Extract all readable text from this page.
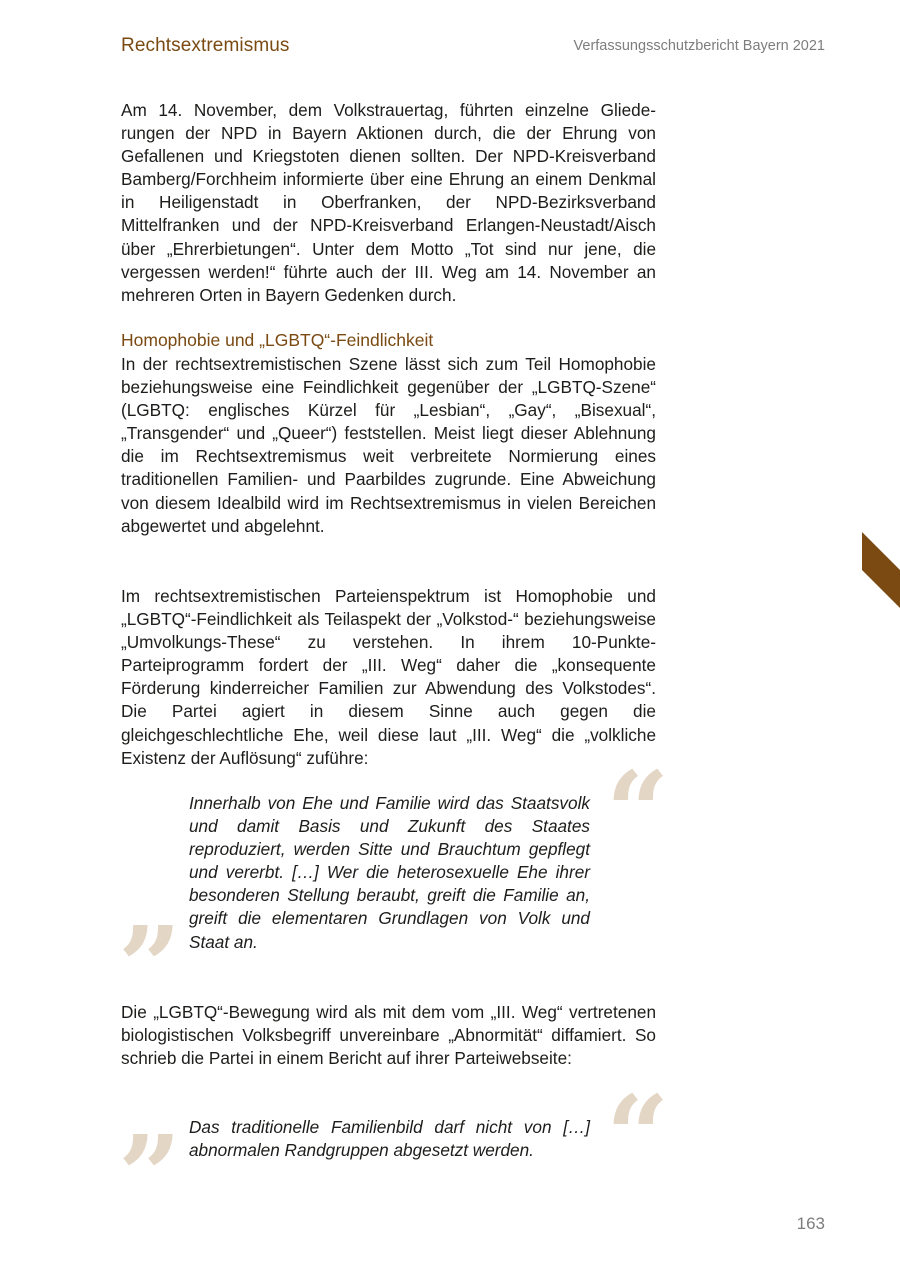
Rechtsextremismus	Verfassungsschutzbericht Bayern 2021

Am 14. November, dem Volkstrauertag, führten einzelne Gliederungen der NPD in Bayern Aktionen durch, die der Ehrung von Gefallenen und Kriegstoten dienen sollten. Der NPD-Kreisverband Bamberg/Forchheim informierte über eine Ehrung an einem Denkmal in Heiligenstadt in Oberfranken, der NPD-Bezirksverband Mittelfranken und der NPD-Kreisverband Erlangen-Neustadt/Aisch über „Ehrerbietungen“. Unter dem Motto „Tot sind nur jene, die vergessen werden!“ führte auch der III. Weg am 14. November an mehreren Orten in Bayern Gedenken durch.

Homophobie und „LGBTQ“-Feindlichkeit

In der rechtsextremistischen Szene lässt sich zum Teil Homophobie beziehungsweise eine Feindlichkeit gegenüber der „LGBTQ-Szene“ (LGBTQ: englisches Kürzel für „Lesbian“, „Gay“, „Bisexual“, „Transgender“ und „Queer“) feststellen. Meist liegt dieser Ablehnung die im Rechtsextremismus weit verbreitete Normierung eines traditionellen Familien- und Paarbildes zugrunde. Eine Abweichung von diesem Idealbild wird im Rechtsextremismus in vielen Bereichen abgewertet und abgelehnt.

Im rechtsextremistischen Parteienspektrum ist Homophobie und „LGBTQ“-Feindlichkeit als Teilaspekt der „Volkstod-“ beziehungsweise „Umvolkungs-These“ zu verstehen. In ihrem 10-Punkte-Parteiprogramm fordert der „III. Weg“ daher die „konsequente Förderung kinderreicher Familien zur Abwendung des Volkstodes“. Die Partei agiert in diesem Sinne auch gegen die gleichgeschlechtliche Ehe, weil diese laut „III. Weg“ die „volkliche Existenz der Auflösung“ zuführe:	“
Innerhalb von Ehe und Familie wird das Staatsvolk und damit Basis und Zukunft des Staates reproduziert, werden Sitte und Brauchtum gepflegt und vererbt. […] Wer die heterosexuelle Ehe ihrer besonderen Stellung beraubt, greift die Familie an, greift die elementaren Grundlagen von Volk und Staat an.
”

Die „LGBTQ“-Bewegung wird als mit dem vom „III. Weg“ vertretenen biologistischen Volksbegriff unvereinbare „Abnormität“ diffamiert. So schrieb die Partei in einem Bericht auf ihrer Parteiwebseite:

“
Das traditionelle Familienbild darf nicht von […] abnormalen Randgruppen abgesetzt werden.
”	163
